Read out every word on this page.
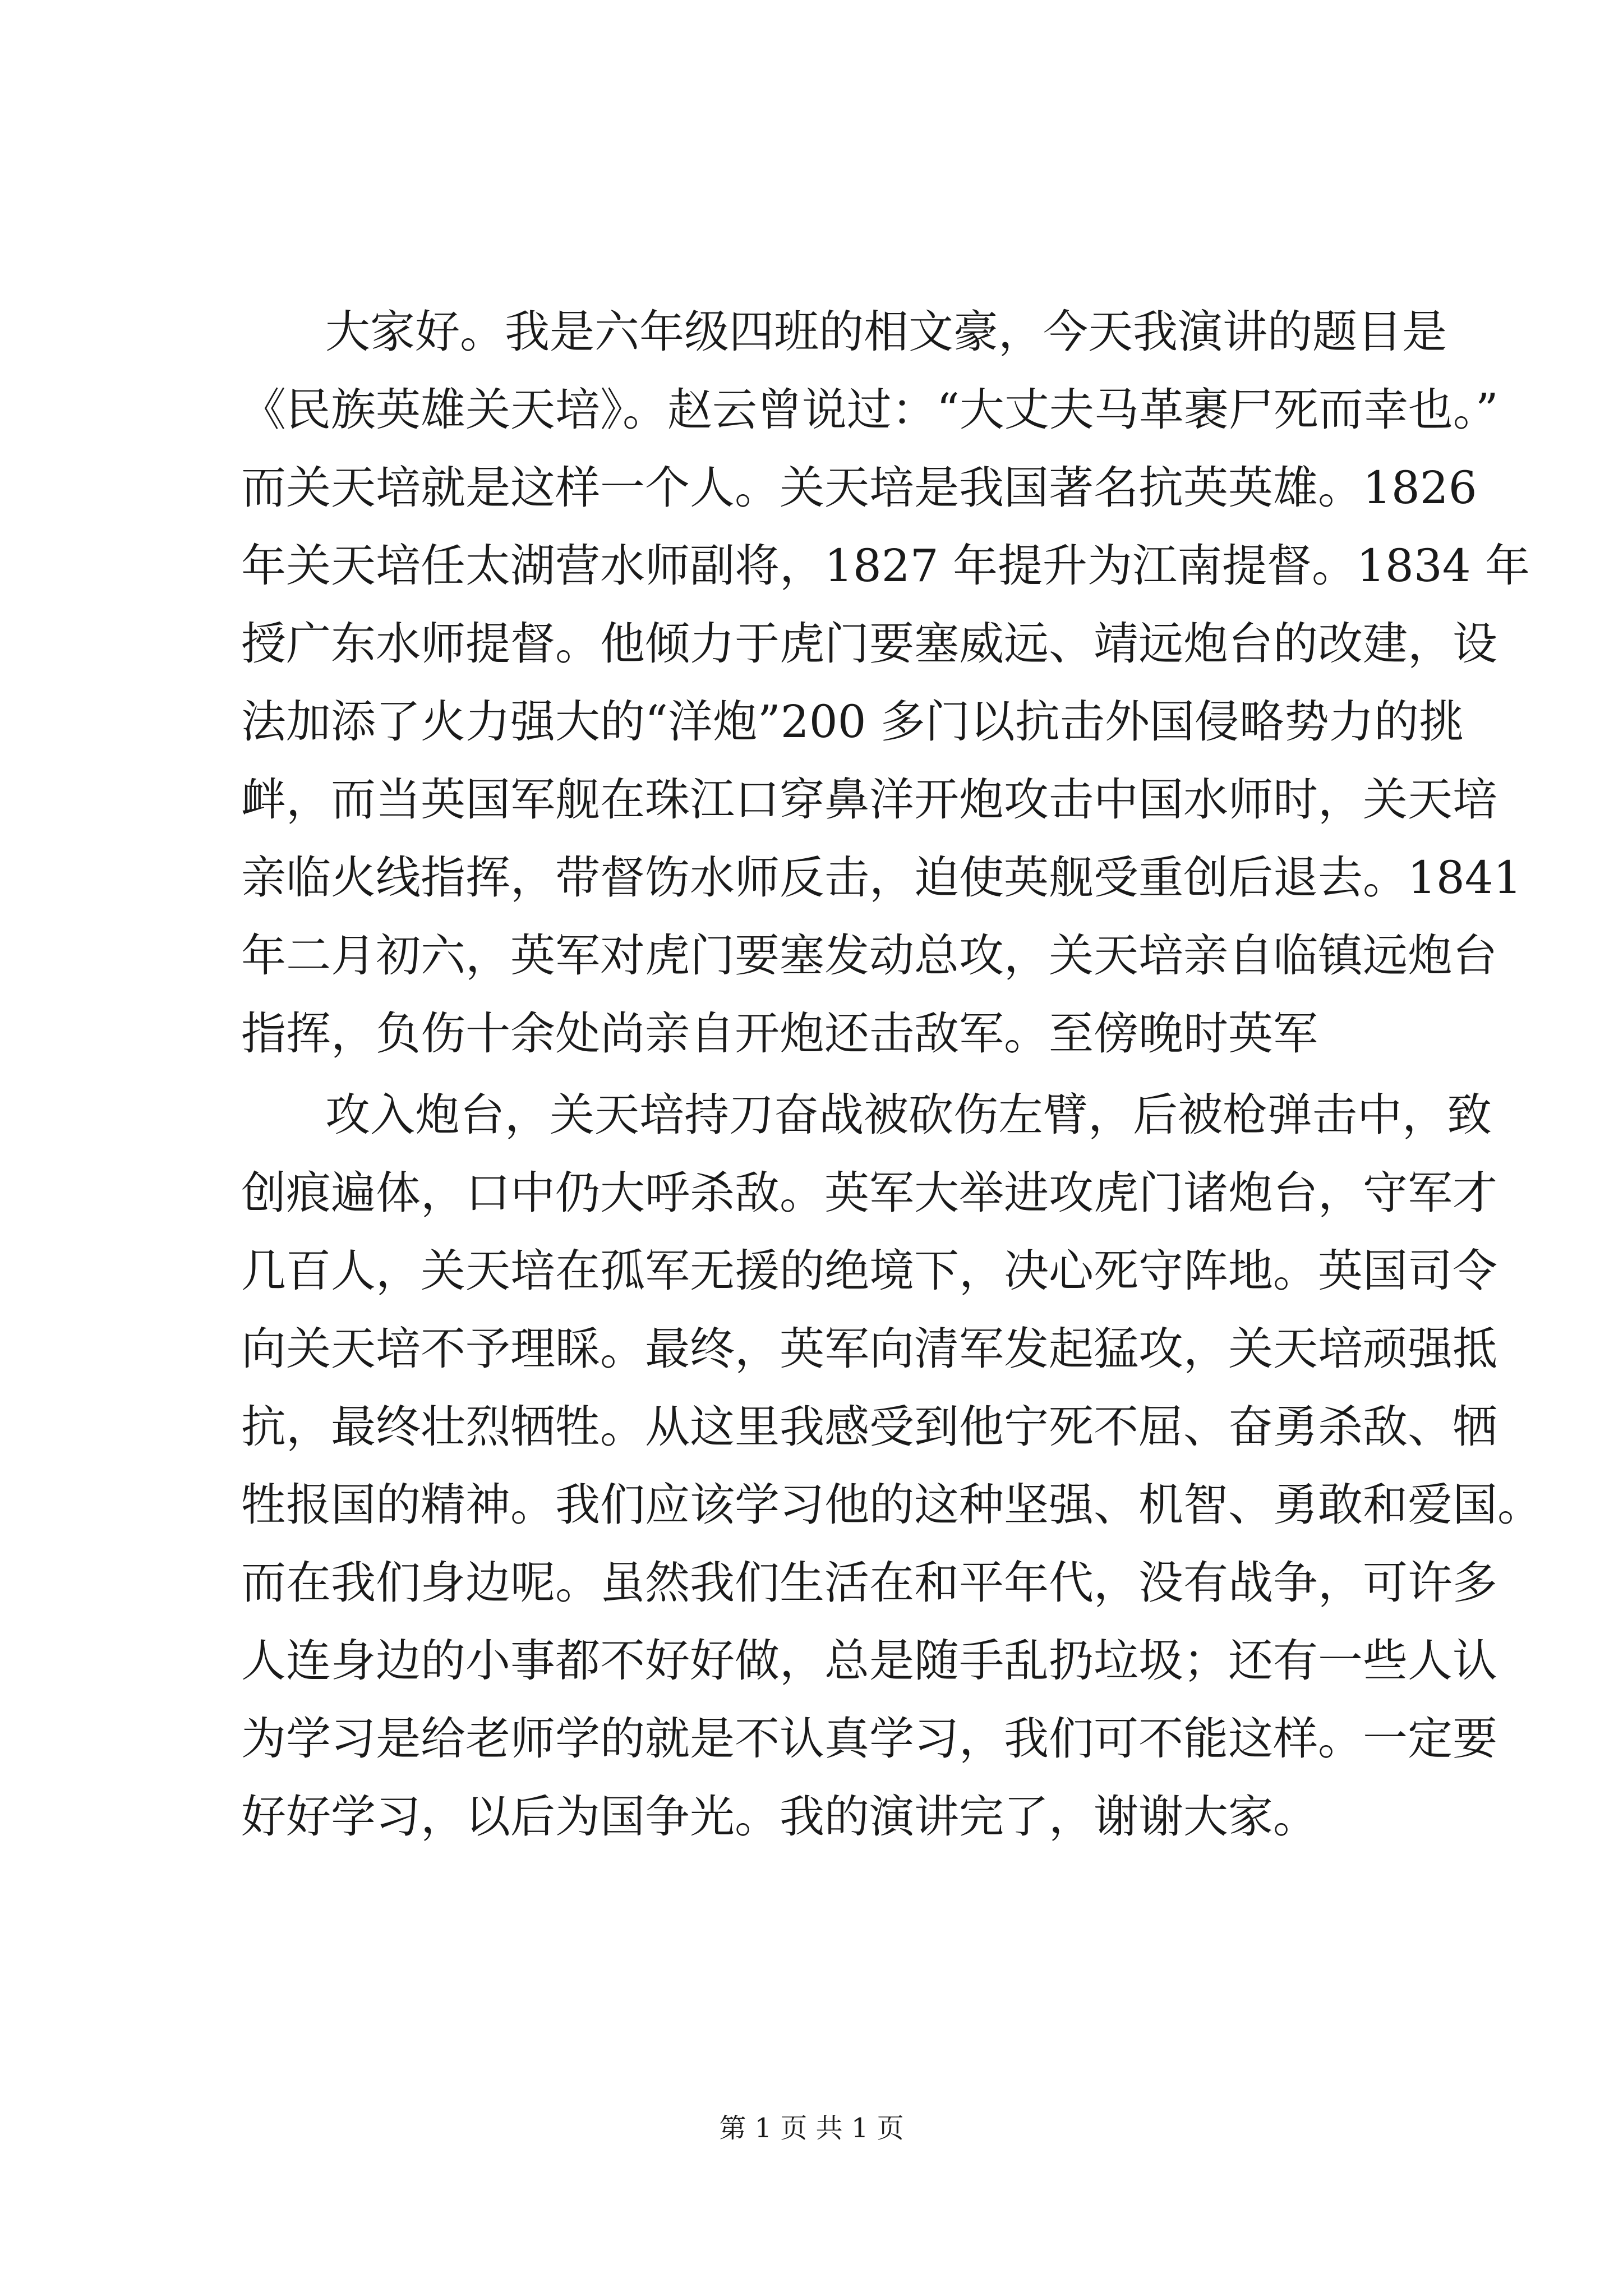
大家好。我是六年级四班的相文豪，今天我演讲的题目是
《民族英雄关天培》。赵云曾说过：“大丈夫马革裹尸死而幸也。”
而关天培就是这样一个人。关天培是我国著名抗英英雄。1826
年关天培任太湖营水师副将，1827 年提升为江南提督。1834 年
授广东水师提督。他倾力于虎门要塞威远、靖远炮台的改建，设
法加添了火力强大的“洋炮”200 多门以抗击外国侵略势力的挑
衅，而当英国军舰在珠江口穿鼻洋开炮攻击中国水师时，关天培
亲临火线指挥，带督饬水师反击，迫使英舰受重创后退去。1841
年二月初六，英军对虎门要塞发动总攻，关天培亲自临镇远炮台
指挥，负伤十余处尚亲自开炮还击敌军。至傍晚时英军
攻入炮台，关天培持刀奋战被砍伤左臂，后被枪弹击中，致
创痕遍体，口中仍大呼杀敌。英军大举进攻虎门诸炮台，守军才
几百人，关天培在孤军无援的绝境下，决心死守阵地。英国司令
向关天培不予理睬。最终，英军向清军发起猛攻，关天培顽强抵
抗，最终壮烈牺牲。从这里我感受到他宁死不屈、奋勇杀敌、牺
牲报国的精神。我们应该学习他的这种坚强、机智、勇敢和爱国。
而在我们身边呢。虽然我们生活在和平年代，没有战争，可许多
人连身边的小事都不好好做，总是随手乱扔垃圾；还有一些人认
为学习是给老师学的就是不认真学习，我们可不能这样。一定要
好好学习，以后为国争光。我的演讲完了，谢谢大家。
第 1 页 共 1 页
